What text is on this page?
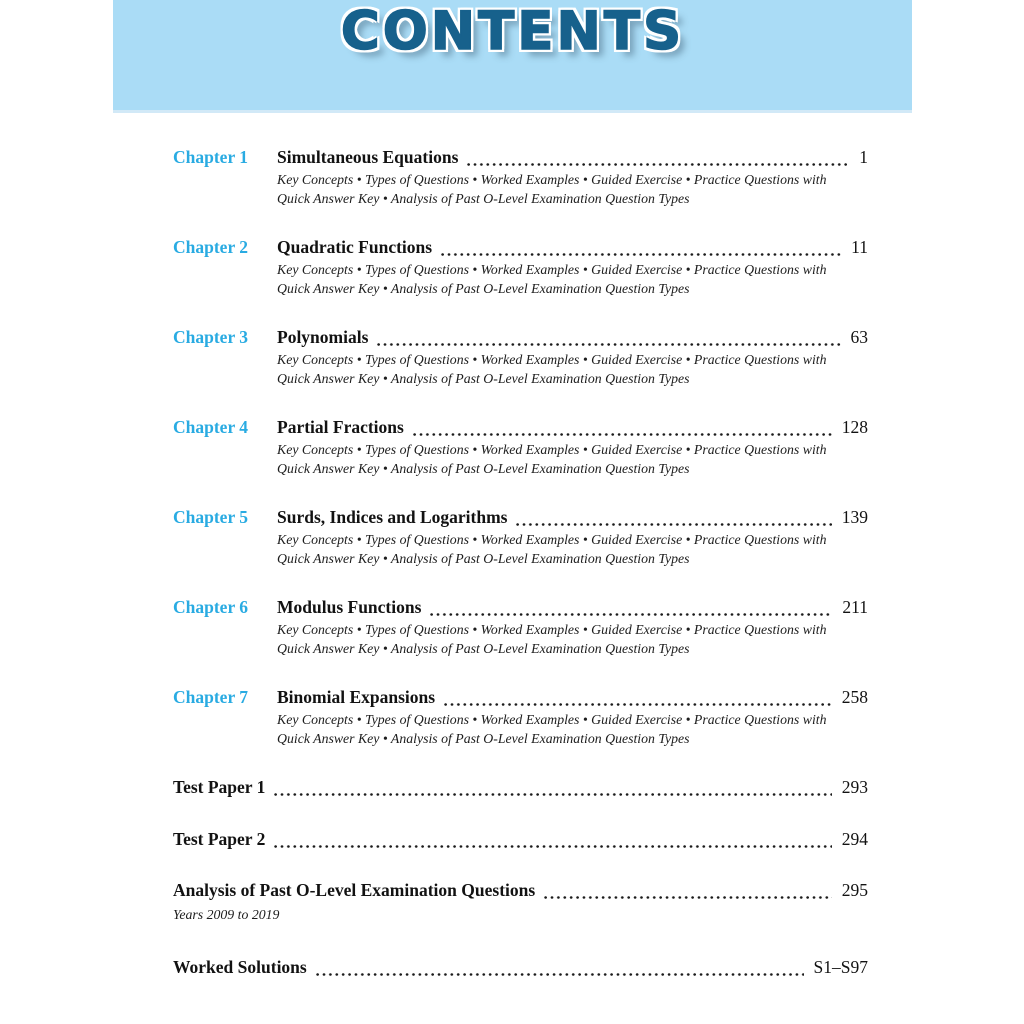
CONTENTS
Chapter 1	Simultaneous Equations	1
Key Concepts • Types of Questions • Worked Examples • Guided Exercise • Practice Questions with Quick Answer Key • Analysis of Past O-Level Examination Question Types
Chapter 2	Quadratic Functions	11
Key Concepts • Types of Questions • Worked Examples • Guided Exercise • Practice Questions with Quick Answer Key • Analysis of Past O-Level Examination Question Types
Chapter 3	Polynomials	63
Key Concepts • Types of Questions • Worked Examples • Guided Exercise • Practice Questions with Quick Answer Key • Analysis of Past O-Level Examination Question Types
Chapter 4	Partial Fractions	128
Key Concepts • Types of Questions • Worked Examples • Guided Exercise • Practice Questions with Quick Answer Key • Analysis of Past O-Level Examination Question Types
Chapter 5	Surds, Indices and Logarithms	139
Key Concepts • Types of Questions • Worked Examples • Guided Exercise • Practice Questions with Quick Answer Key • Analysis of Past O-Level Examination Question Types
Chapter 6	Modulus Functions	211
Key Concepts • Types of Questions • Worked Examples • Guided Exercise • Practice Questions with Quick Answer Key • Analysis of Past O-Level Examination Question Types
Chapter 7	Binomial Expansions	258
Key Concepts • Types of Questions • Worked Examples • Guided Exercise • Practice Questions with Quick Answer Key • Analysis of Past O-Level Examination Question Types
Test Paper 1	293
Test Paper 2	294
Analysis of Past O-Level Examination Questions	295
Years 2009 to 2019
Worked Solutions	S1–S97
